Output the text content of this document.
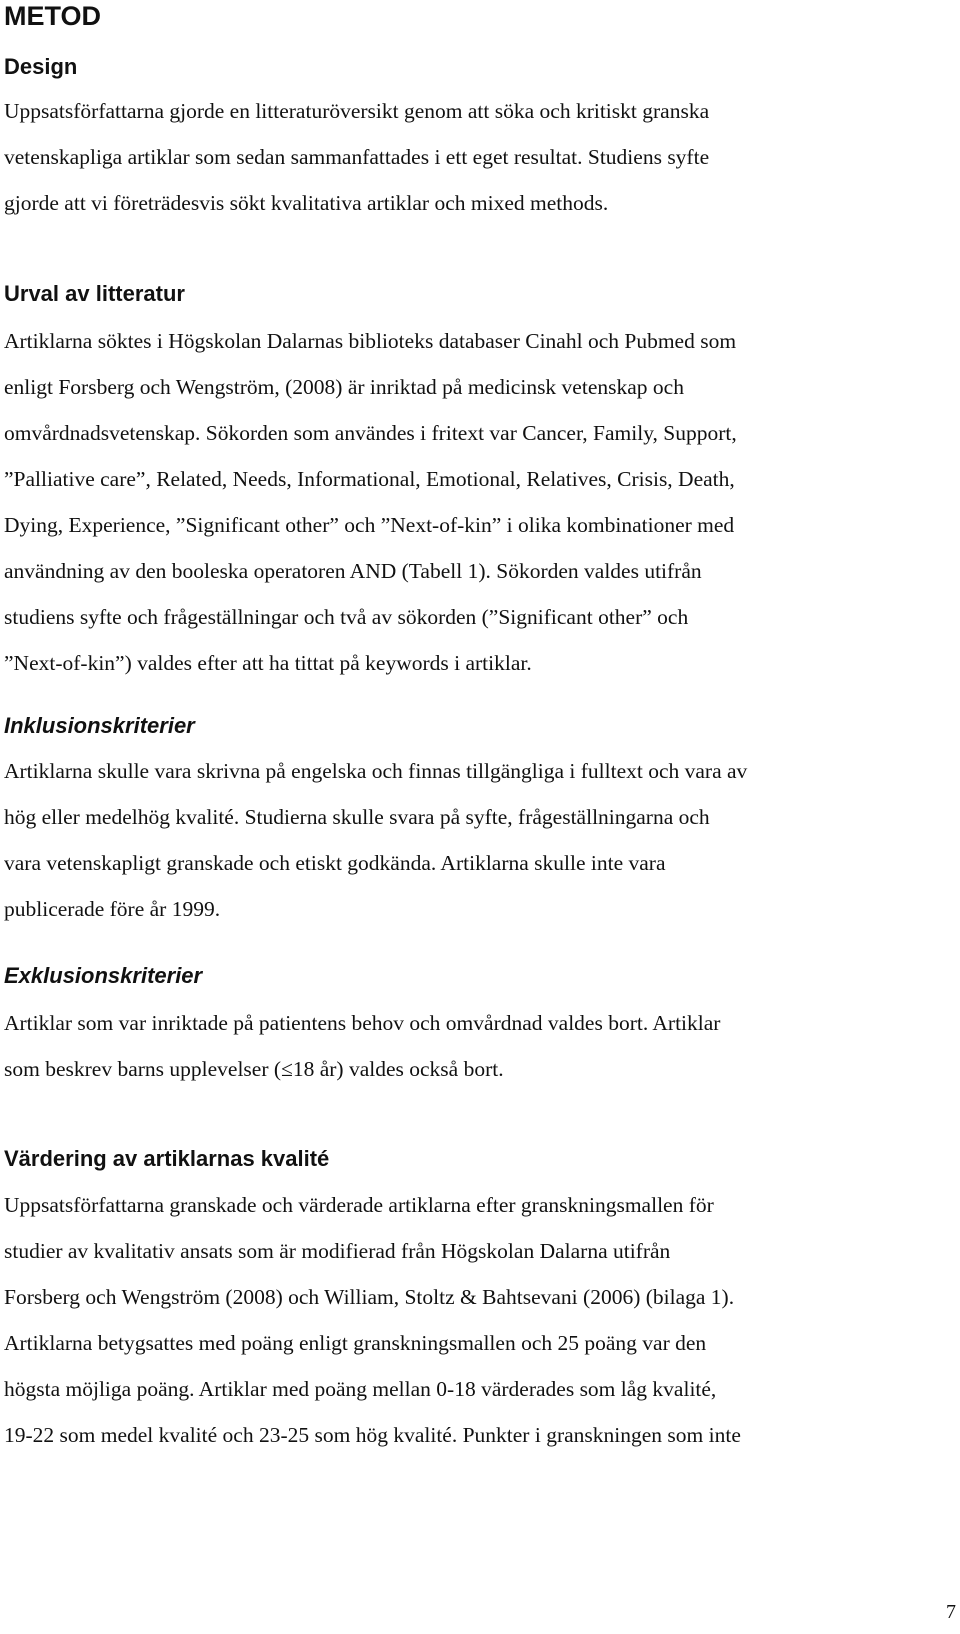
METOD
Design
Uppsatsförfattarna gjorde en litteraturöversikt genom att söka och kritiskt granska
vetenskapliga artiklar som sedan sammanfattades i ett eget resultat. Studiens syfte
gjorde att vi företrädesvis sökt kvalitativa artiklar och mixed methods.
Urval av litteratur
Artiklarna söktes i Högskolan Dalarnas biblioteks databaser Cinahl och Pubmed som
enligt Forsberg och Wengström, (2008) är inriktad på medicinsk vetenskap och
omvårdnadsvetenskap. Sökorden som användes i fritext var Cancer, Family, Support,
”Palliative care”, Related, Needs, Informational, Emotional, Relatives, Crisis, Death,
Dying, Experience, ”Significant other” och ”Next-of-kin” i olika kombinationer med
användning av den booleska operatoren AND (Tabell 1). Sökorden valdes utifrån
studiens syfte och frågeställningar och två av sökorden (”Significant other” och
”Next-of-kin”) valdes efter att ha tittat på keywords i artiklar.
Inklusionskriterier
Artiklarna skulle vara skrivna på engelska och finnas tillgängliga i fulltext och vara av
hög eller medelhög kvalité. Studierna skulle svara på syfte, frågeställningarna och
vara vetenskapligt granskade och etiskt godkända. Artiklarna skulle inte vara
publicerade före år 1999.
Exklusionskriterier
Artiklar som var inriktade på patientens behov och omvårdnad valdes bort. Artiklar
som beskrev barns upplevelser (≤18 år) valdes också bort.
Värdering av artiklarnas kvalité
Uppsatsförfattarna granskade och värderade artiklarna efter granskningsmallen för
studier av kvalitativ ansats som är modifierad från Högskolan Dalarna utifrån
Forsberg och Wengström (2008) och William, Stoltz & Bahtsevani (2006) (bilaga 1).
Artiklarna betygsattes med poäng enligt granskningsmallen och 25 poäng var den
högsta möjliga poäng. Artiklar med poäng mellan 0-18 värderades som låg kvalité,
19-22 som medel kvalité och 23-25 som hög kvalité. Punkter i granskningen som inte
7
